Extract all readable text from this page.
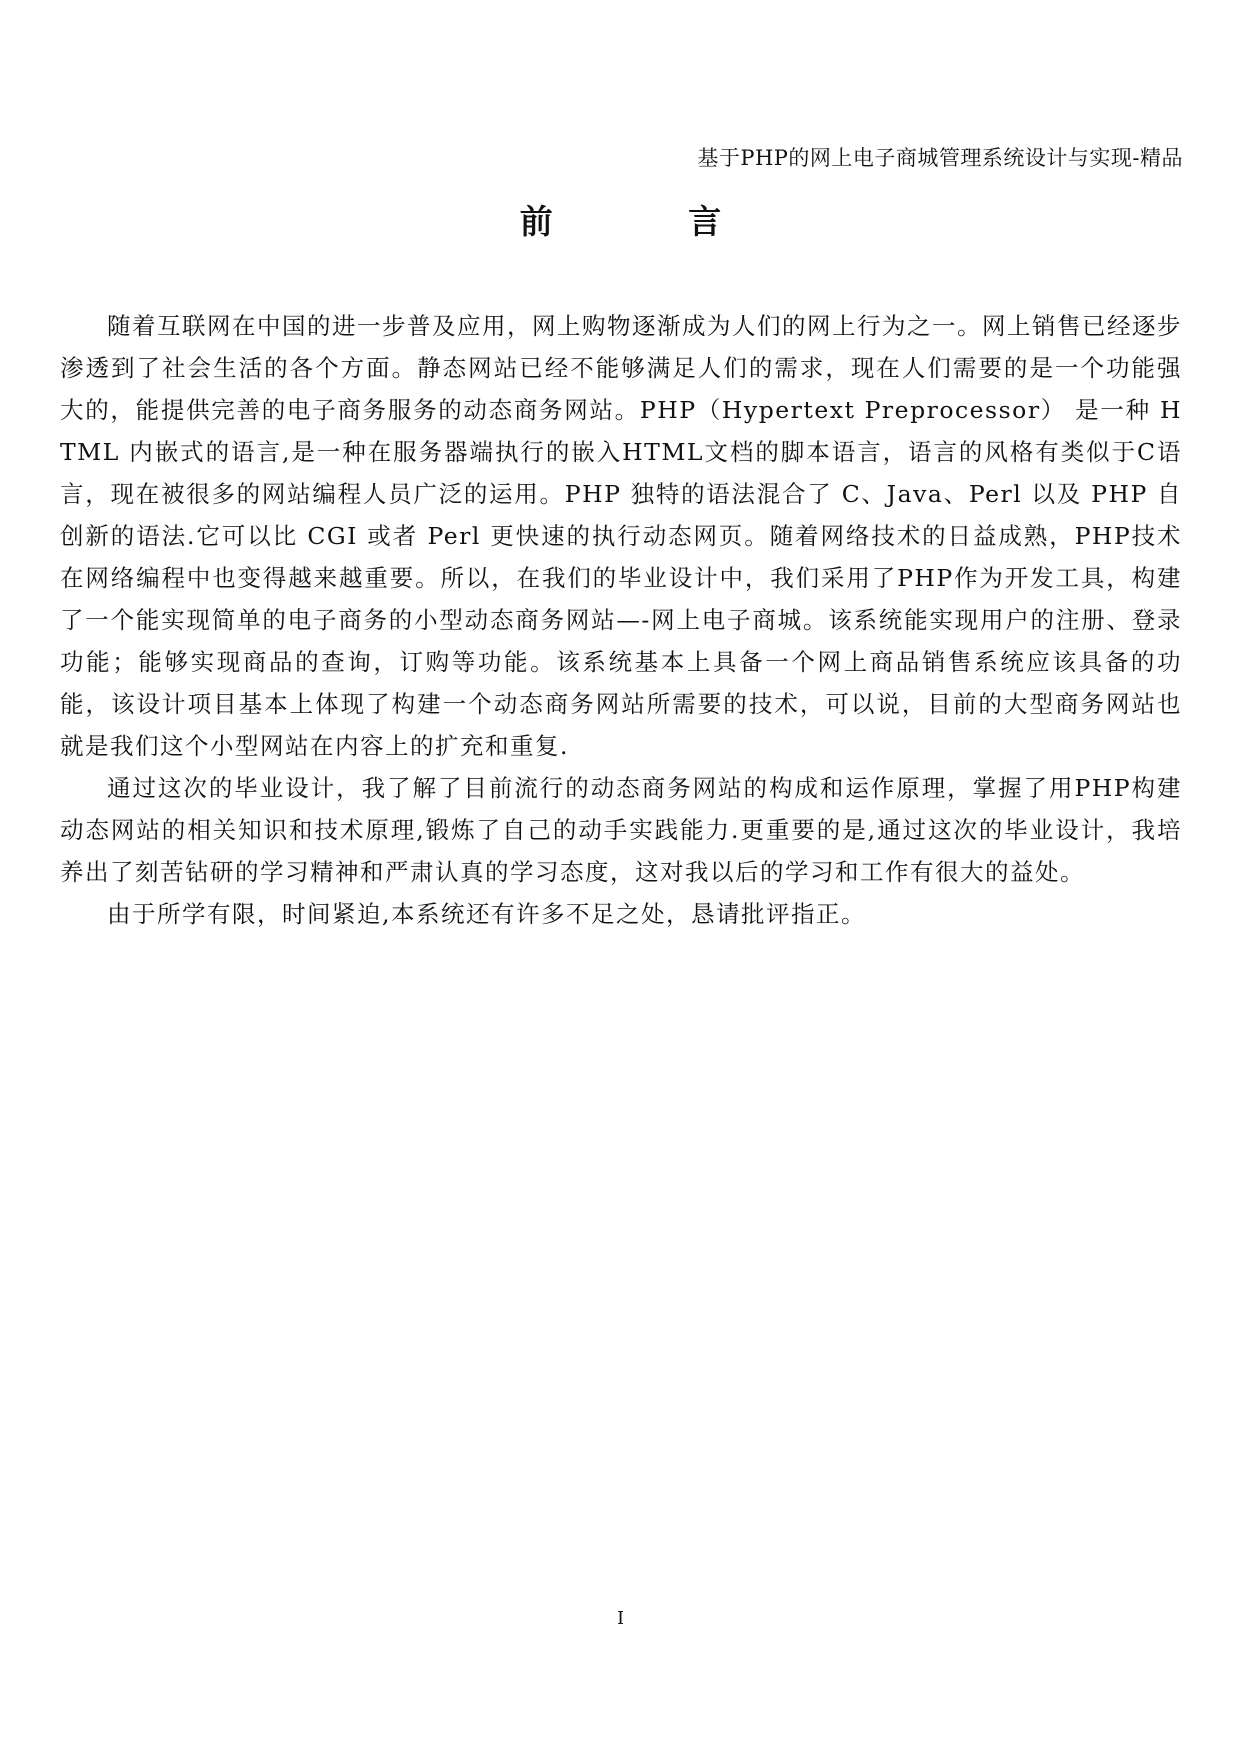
基于PHP的网上电子商城管理系统设计与实现-精品
前 言

随着互联网在中国的进一步普及应用，网上购物逐渐成为人们的网上行为之一。网上销售已经逐步渗透到了社会生活的各个方面。静态网站已经不能够满足人们的需求，现在人们需要的是一个功能强大的，能提供完善的电子商务服务的动态商务网站。PHP（Hypertext Preprocessor） 是一种 HTML 内嵌式的语言,是一种在服务器端执行的嵌入HTML文档的脚本语言，语言的风格有类似于C语言，现在被很多的网站编程人员广泛的运用。PHP 独特的语法混合了 C、Java、Perl 以及 PHP 自创新的语法.它可以比 CGI 或者 Perl 更快速的执行动态网页。随着网络技术的日益成熟，PHP技术在网络编程中也变得越来越重要。所以，在我们的毕业设计中，我们采用了PHP作为开发工具，构建了一个能实现简单的电子商务的小型动态商务网站—-网上电子商城。该系统能实现用户的注册、登录功能；能够实现商品的查询，订购等功能。该系统基本上具备一个网上商品销售系统应该具备的功能，该设计项目基本上体现了构建一个动态商务网站所需要的技术，可以说，目前的大型商务网站也就是我们这个小型网站在内容上的扩充和重复.

通过这次的毕业设计，我了解了目前流行的动态商务网站的构成和运作原理，掌握了用PHP构建动态网站的相关知识和技术原理,锻炼了自己的动手实践能力.更重要的是,通过这次的毕业设计，我培养出了刻苦钻研的学习精神和严肃认真的学习态度，这对我以后的学习和工作有很大的益处。

由于所学有限，时间紧迫,本系统还有许多不足之处，恳请批评指正。

I
